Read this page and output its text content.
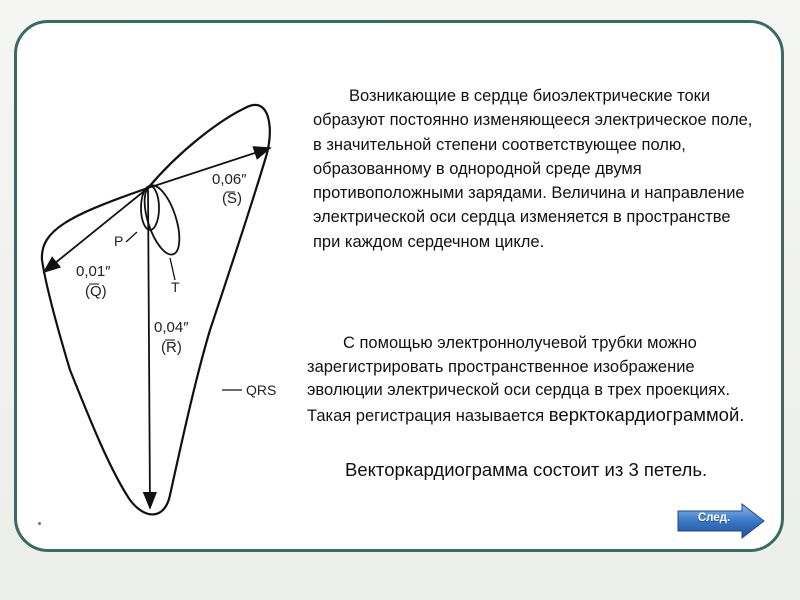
0,06″
(S)
0,01″
(Q)
0,04″
(R)
P
T
QRS

Возникающие в сердце биоэлектрические токи образуют постоянно изменяющееся электрическое поле, в значительной степени соответствующее полю, образованному в однородной среде двумя противоположными зарядами. Величина и направление электрической оси сердца изменяется в пространстве при каждом сердечном цикле.

С помощью электроннолучевой трубки можно зарегистрировать пространственное изображение эволюции электрической оси сердца в трех проекциях. Такая регистрация называется верктокардиограммой.

Векторкардиограмма состоит из 3 петель.

След.
